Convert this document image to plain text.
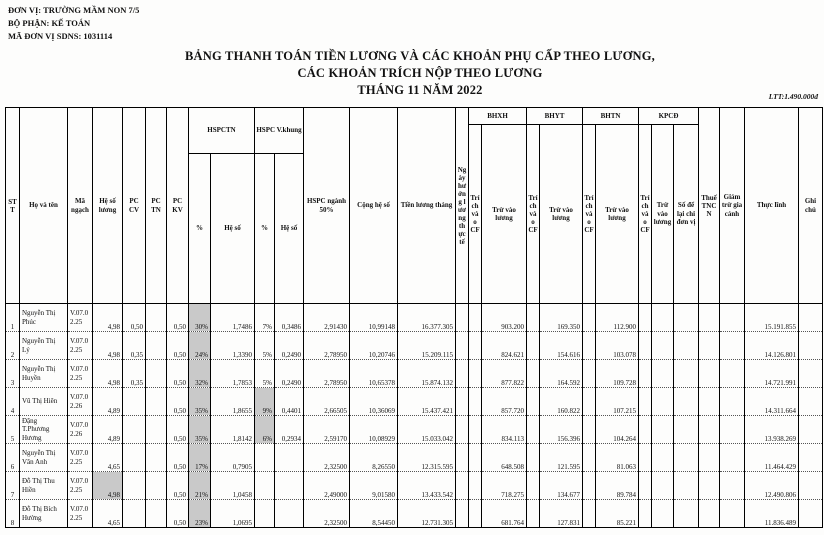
ĐƠN VỊ: TRƯỜNG MẦM NON 7/5
BỘ PHẬN: KẾ TOÁN
MÃ ĐƠN VỊ SDNS: 1031114
BẢNG THANH TOÁN TIỀN LƯƠNG VÀ CÁC KHOẢN PHỤ CẤP THEO LƯƠNG,
CÁC KHOẢN TRÍCH NỘP THEO LƯƠNG
THÁNG 11 NĂM 2022	LTT:1.490.000đ
STT	Họ và tên	Mã ngạch	Hệ số lương	PC CV	PC TN	PC KV	HSPCTN		HSPC V.khung		HSPC ngành 50%	Cộng hệ số	Tiền lương tháng	Ngày hưởng lương thực tế	BHXH		BHYT		BHTN		KPCĐ			Thuế TNCN	Giảm trừ gia cảnh	Thực lĩnh	Ghi chú
															Trích vào CF	Trừ vào lương	Trích vào CF	Trừ vào lương	Trích vào CF	Trừ vào lương	Trích vào CF	Trừ vào lương	Số để lại chi đơn vị				
							%	Hệ số	%	Hệ số																	
1	Nguyễn Thị Phúc	V.07.02.25	4,98	0,50		0,50	30%	1,7486	7%	0,3486	2,91430	10,99148	16.377.305			903.200		169.350		112.900						15.191.855	
2	Nguyễn Thị Lý	V.07.02.25	4,98	0,35		0,50	24%	1,3390	5%	0,2490	2,78950	10,20746	15.209.115			824.621		154.616		103.078						14.126.801	
3	Nguyễn Thị Huyền	V.07.02.25	4,98	0,35		0,50	32%	1,7853	5%	0,2490	2,78950	10,65378	15.874.132			877.822		164.592		109.728						14.721.991	
4	Vũ Thị Hiên	V.07.02.26	4,89			0,50	35%	1,8655	9%	0,4401	2,66505	10,36069	15.437.421			857.720		160.822		107.215						14.311.664	
5	Đặng T.Phương Hương	V.07.02.26	4,89			0,50	35%	1,8142	6%	0,2934	2,59170	10,08929	15.033.042			834.113		156.396		104.264						13.938.269	
6	Nguyễn Thị Vân Anh	V.07.02.25	4,65			0,50	17%	0,7905			2,32500	8,26550	12.315.595			648.508		121.595		81.063						11.464.429	
7	Đỗ Thị Thu Hiền	V.07.02.25	4,98			0,50	21%	1,0458			2,49000	9,01580	13.433.542			718.275		134.677		89.784						12.490.806	
8	Đỗ Thị Bích Hường	V.07.02.25	4,65			0,50	23%	1,0695			2,32500	8,54450	12.731.305			681.764		127.831		85.221						11.836.489	
